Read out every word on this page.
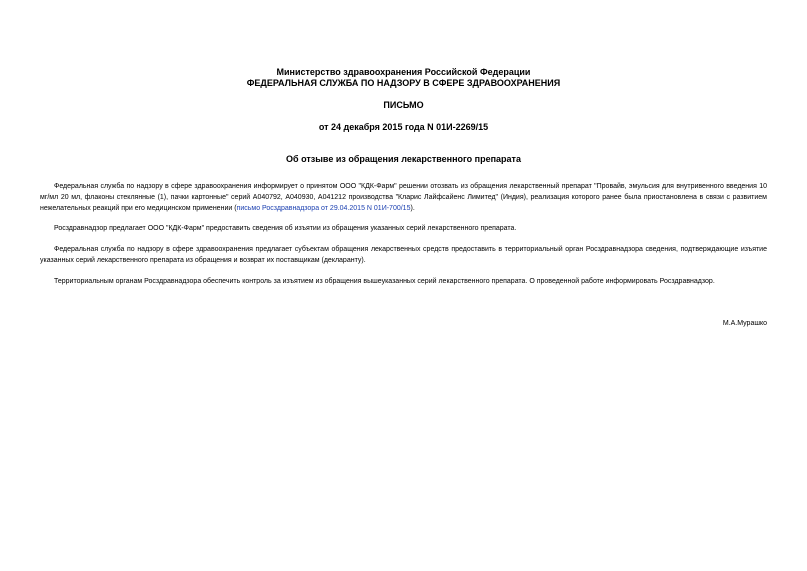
Министерство здравоохранения Российской Федерации
ФЕДЕРАЛЬНАЯ СЛУЖБА ПО НАДЗОРУ В СФЕРЕ ЗДРАВООХРАНЕНИЯ
ПИСЬМО
от 24 декабря 2015 года N 01И-2269/15
Об отзыве из обращения лекарственного препарата
Федеральная служба по надзору в сфере здравоохранения информирует о принятом ООО "КДК-Фарм" решении отозвать из обращения лекарственный препарат "Провайв, эмульсия для внутривенного введения 10 мг/мл 20 мл, флаконы стеклянные (1), пачки картонные" серий А040792, А040930, А041212 производства "Кларис Лайфсайенс Лимитед" (Индия), реализация которого ранее была приостановлена в связи с развитием нежелательных реакций при его медицинском применении (письмо Росздравнадзора от 29.04.2015 N 01И-700/15).
Росздравнадзор предлагает ООО "КДК-Фарм" предоставить сведения об изъятии из обращения указанных серий лекарственного препарата.
Федеральная служба по надзору в сфере здравоохранения предлагает субъектам обращения лекарственных средств предоставить в территориальный орган Росздравнадзора сведения, подтверждающие изъятие указанных серий лекарственного препарата из обращения и возврат их поставщикам (декларанту).
Территориальным органам Росздравнадзора обеспечить контроль за изъятием из обращения вышеуказанных серий лекарственного препарата. О проведенной работе информировать Росздравнадзор.
М.А.Мурашко
